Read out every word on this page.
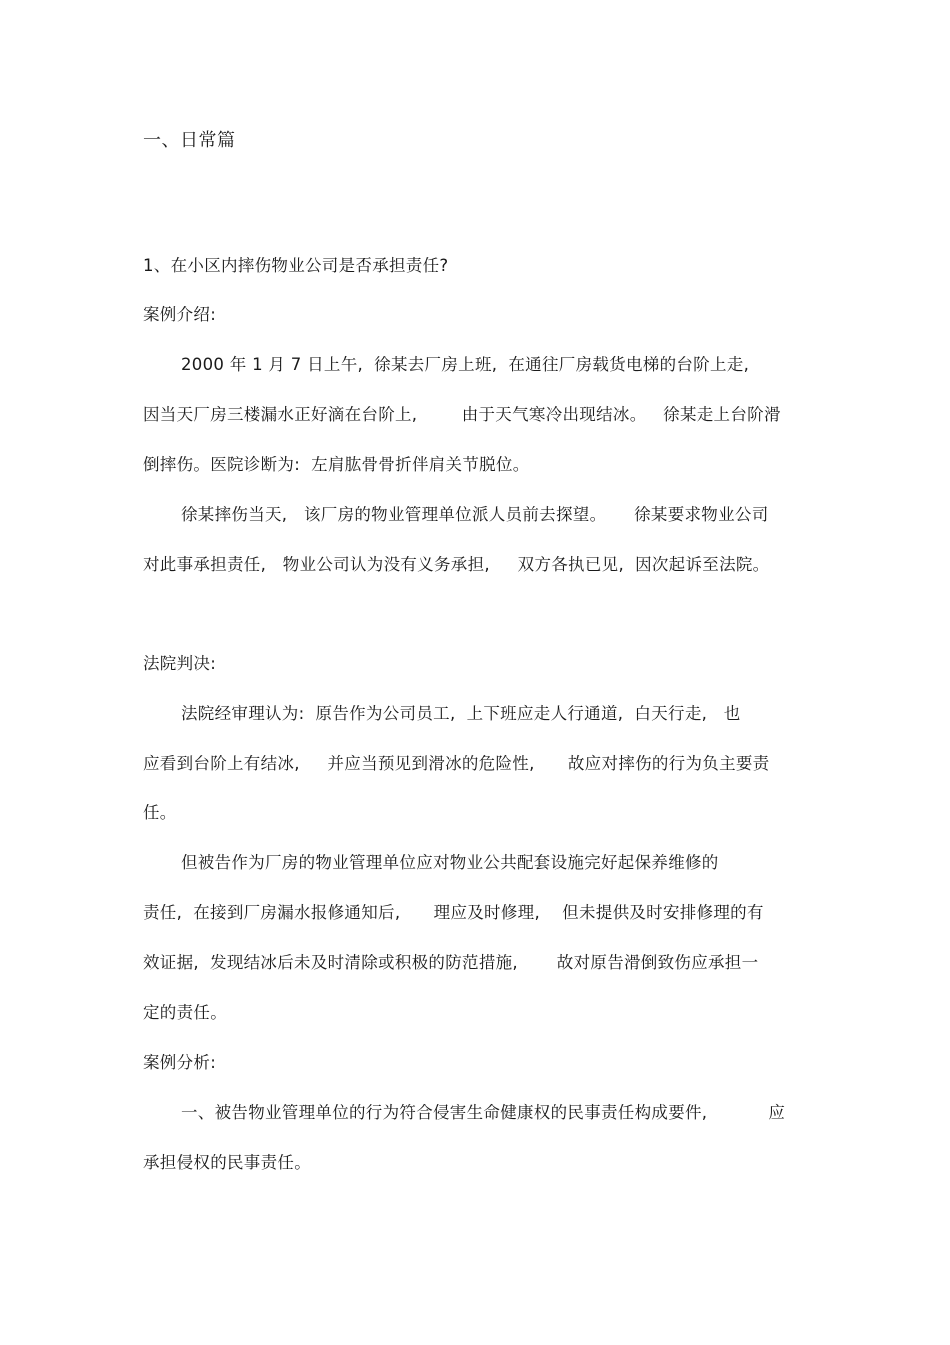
一、日常篇
1、在小区内摔伤物业公司是否承担责任?
案例介绍:
2000 年 1 月 7 日上午,  徐某去厂房上班,  在通往厂房载货电梯的台阶上走,
因当天厂房三楼漏水正好滴在台阶上,        由于天气寒冷出现结冰。   徐某走上台阶滑
倒摔伤。医院诊断为:  左肩肱骨骨折伴肩关节脱位。
徐某摔伤当天,   该厂房的物业管理单位派人员前去探望。     徐某要求物业公司
对此事承担责任,   物业公司认为没有义务承担,     双方各执已见,  因次起诉至法院。
法院判决:
法院经审理认为:  原告作为公司员工,  上下班应走人行通道,  白天行走,   也
应看到台阶上有结冰,     并应当预见到滑冰的危险性,      故应对摔伤的行为负主要责
任。
但被告作为厂房的物业管理单位应对物业公共配套设施完好起保养维修的
责任,  在接到厂房漏水报修通知后,      理应及时修理,    但未提供及时安排修理的有
效证据,  发现结冰后未及时清除或积极的防范措施,       故对原告滑倒致伤应承担一
定的责任。
案例分析:
一、被告物业管理单位的行为符合侵害生命健康权的民事责任构成要件,           应
承担侵权的民事责任。
